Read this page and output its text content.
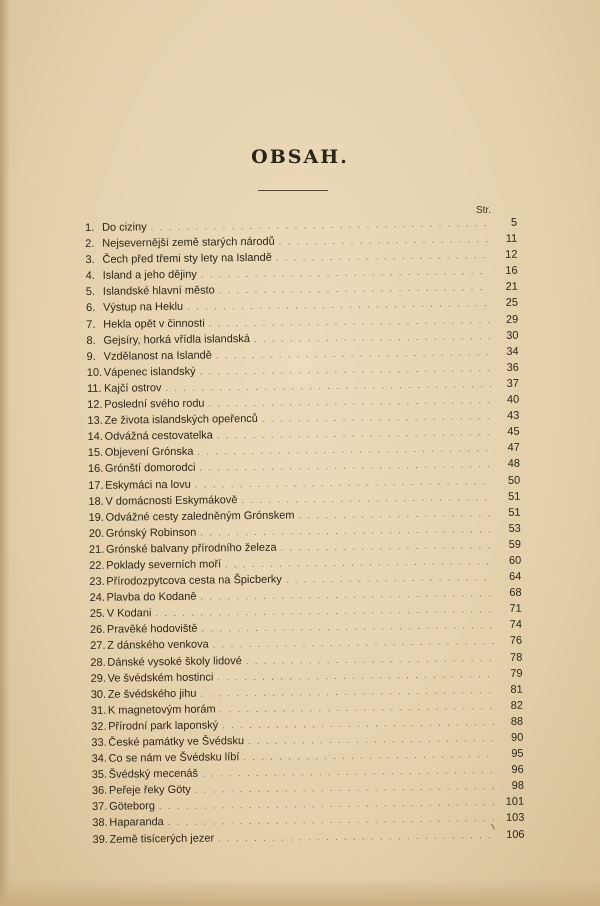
OBSAH.
Str.
1. Do ciziny . . .	5
2. Nejsevernější země starých národů . . .	11
3. Čech před třemi sty lety na Islandě . . .	12
4. Island a jeho dějiny . . .	16
5. Islandské hlavní město . . .	21
6. Výstup na Heklu . . .	25
7. Hekla opět v činnosti . . .	29
8. Gejsíry, horká vřídla islandská . . .	30
9. Vzdělanost na Islandě . . .	34
10. Vápenec islandský . . .	36
11. Kajčí ostrov . . .	37
12. Poslední svého rodu . . .	40
13. Ze života islandských opeřenců . . .	43
14. Odvážná cestovatelka . . .	45
15. Objevení Grónska . . .	47
16. Grónští domorodci . . .	48
17. Eskymáci na lovu . . .	50
18. V domácnosti Eskymákově . . .	51
19. Odvážné cesty zaledněným Grónskem . . .	51
20. Grónský Robinson . . .	53
21. Grónské balvany přírodního železa . . .	59
22. Poklady severních moří . . .	60
23. Přírodozpytcova cesta na Špicberky . . .	64
24. Plavba do Kodaně . . .	68
25. V Kodani . . .	71
26. Pravěké hodoviště . . .	74
27. Z dánského venkova . . .	76
28. Dánské vysoké školy lidové . . .	78
29. Ve švédském hostinci . . .	79
30. Ze švédského jihu . . .	81
31. K magnetovým horám . . .	82
32. Přírodní park laponský . . .	88
33. České památky ve Švédsku . . .	90
34. Co se nám ve Švédsku líbí . . .	95
35. Švédský mecenáš . . .	96
36. Peřeje řeky Göty . . .	98
37. Göteborg . . .	101
38. Haparanda . . .	103
39. Země tisícerých jezer . . .	106
